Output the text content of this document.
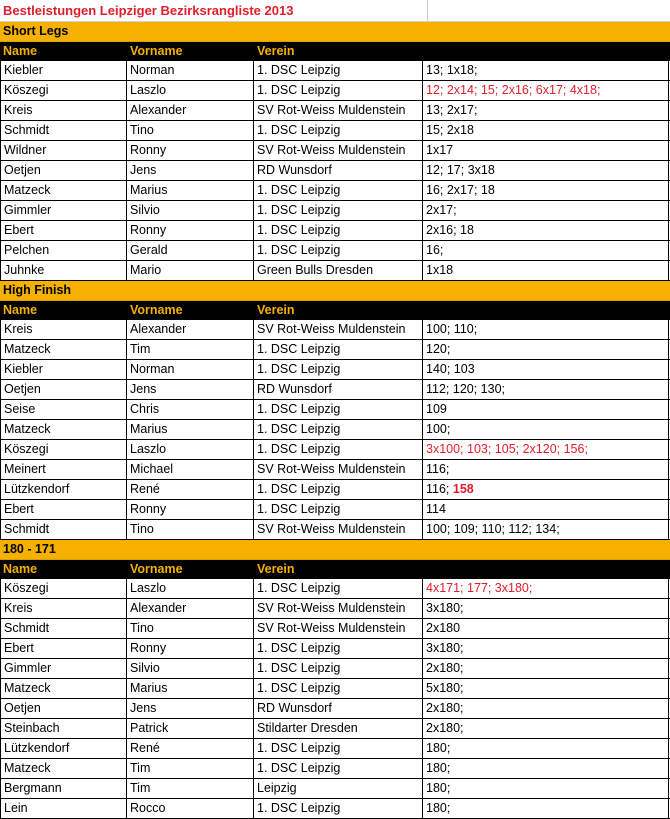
Bestleistungen Leipziger Bezirksrangliste 2013
Short Legs
Name	Vorname	Verein
Kiebler	Norman	1. DSC Leipzig	13; 1x18;
Köszegi	Laszlo	1. DSC Leipzig	12; 2x14; 15; 2x16; 6x17; 4x18;
Kreis	Alexander	SV Rot-Weiss Muldenstein	13; 2x17;
Schmidt	Tino	1. DSC Leipzig	15; 2x18
Wildner	Ronny	SV Rot-Weiss Muldenstein	1x17
Oetjen	Jens	RD Wunsdorf	12; 17; 3x18
Matzeck	Marius	1. DSC Leipzig	16; 2x17; 18
Gimmler	Silvio	1. DSC Leipzig	2x17;
Ebert	Ronny	1. DSC Leipzig	2x16; 18
Pelchen	Gerald	1. DSC Leipzig	16;
Juhnke	Mario	Green Bulls Dresden	1x18
High Finish
Name	Vorname	Verein
Kreis	Alexander	SV Rot-Weiss Muldenstein	100; 110;
Matzeck	Tim	1. DSC Leipzig	120;
Kiebler	Norman	1. DSC Leipzig	140; 103
Oetjen	Jens	RD Wunsdorf	112; 120; 130;
Seise	Chris	1. DSC Leipzig	109
Matzeck	Marius	1. DSC Leipzig	100;
Köszegi	Laszlo	1. DSC Leipzig	3x100; 103; 105; 2x120; 156;
Meinert	Michael	SV Rot-Weiss Muldenstein	116;
Lützkendorf	René	1. DSC Leipzig	116; 158
Ebert	Ronny	1. DSC Leipzig	114
Schmidt	Tino	SV Rot-Weiss Muldenstein	100; 109; 110; 112; 134;
180 - 171
Name	Vorname	Verein
Köszegi	Laszlo	1. DSC Leipzig	4x171; 177; 3x180;
Kreis	Alexander	SV Rot-Weiss Muldenstein	3x180;
Schmidt	Tino	SV Rot-Weiss Muldenstein	2x180
Ebert	Ronny	1. DSC Leipzig	3x180;
Gimmler	Silvio	1. DSC Leipzig	2x180;
Matzeck	Marius	1. DSC Leipzig	5x180;
Oetjen	Jens	RD Wunsdorf	2x180;
Steinbach	Patrick	Stildarter Dresden	2x180;
Lützkendorf	René	1. DSC Leipzig	180;
Matzeck	Tim	1. DSC Leipzig	180;
Bergmann	Tim	Leipzig	180;
Lein	Rocco	1. DSC Leipzig	180;
